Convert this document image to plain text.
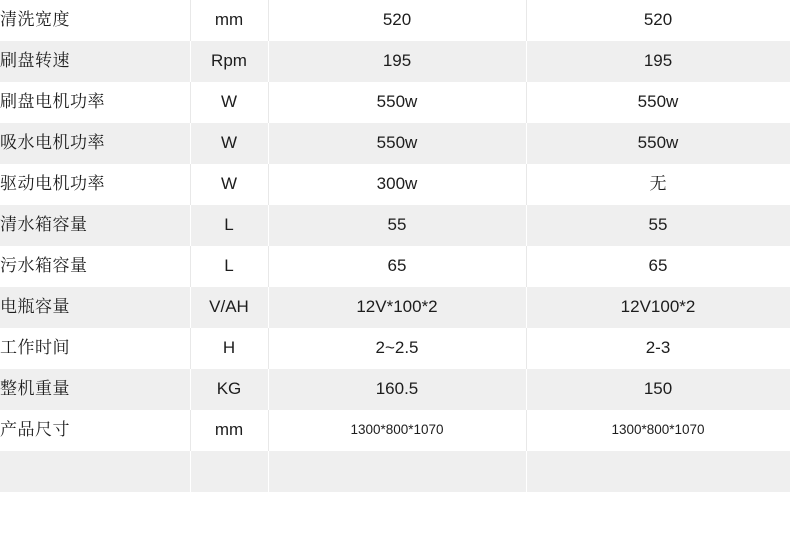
清洗宽度	mm	520	520
刷盘转速	Rpm	195	195
刷盘电机功率	W	550w	550w
吸水电机功率	W	550w	550w
驱动电机功率	W	300w	无
清水箱容量	L	55	55
污水箱容量	L	65	65
电瓶容量	V/AH	12V*100*2	12V100*2
工作时间	H	2~2.5	2-3
整机重量	KG	160.5	150
产品尺寸	mm	1300*800*1070	1300*800*1070
